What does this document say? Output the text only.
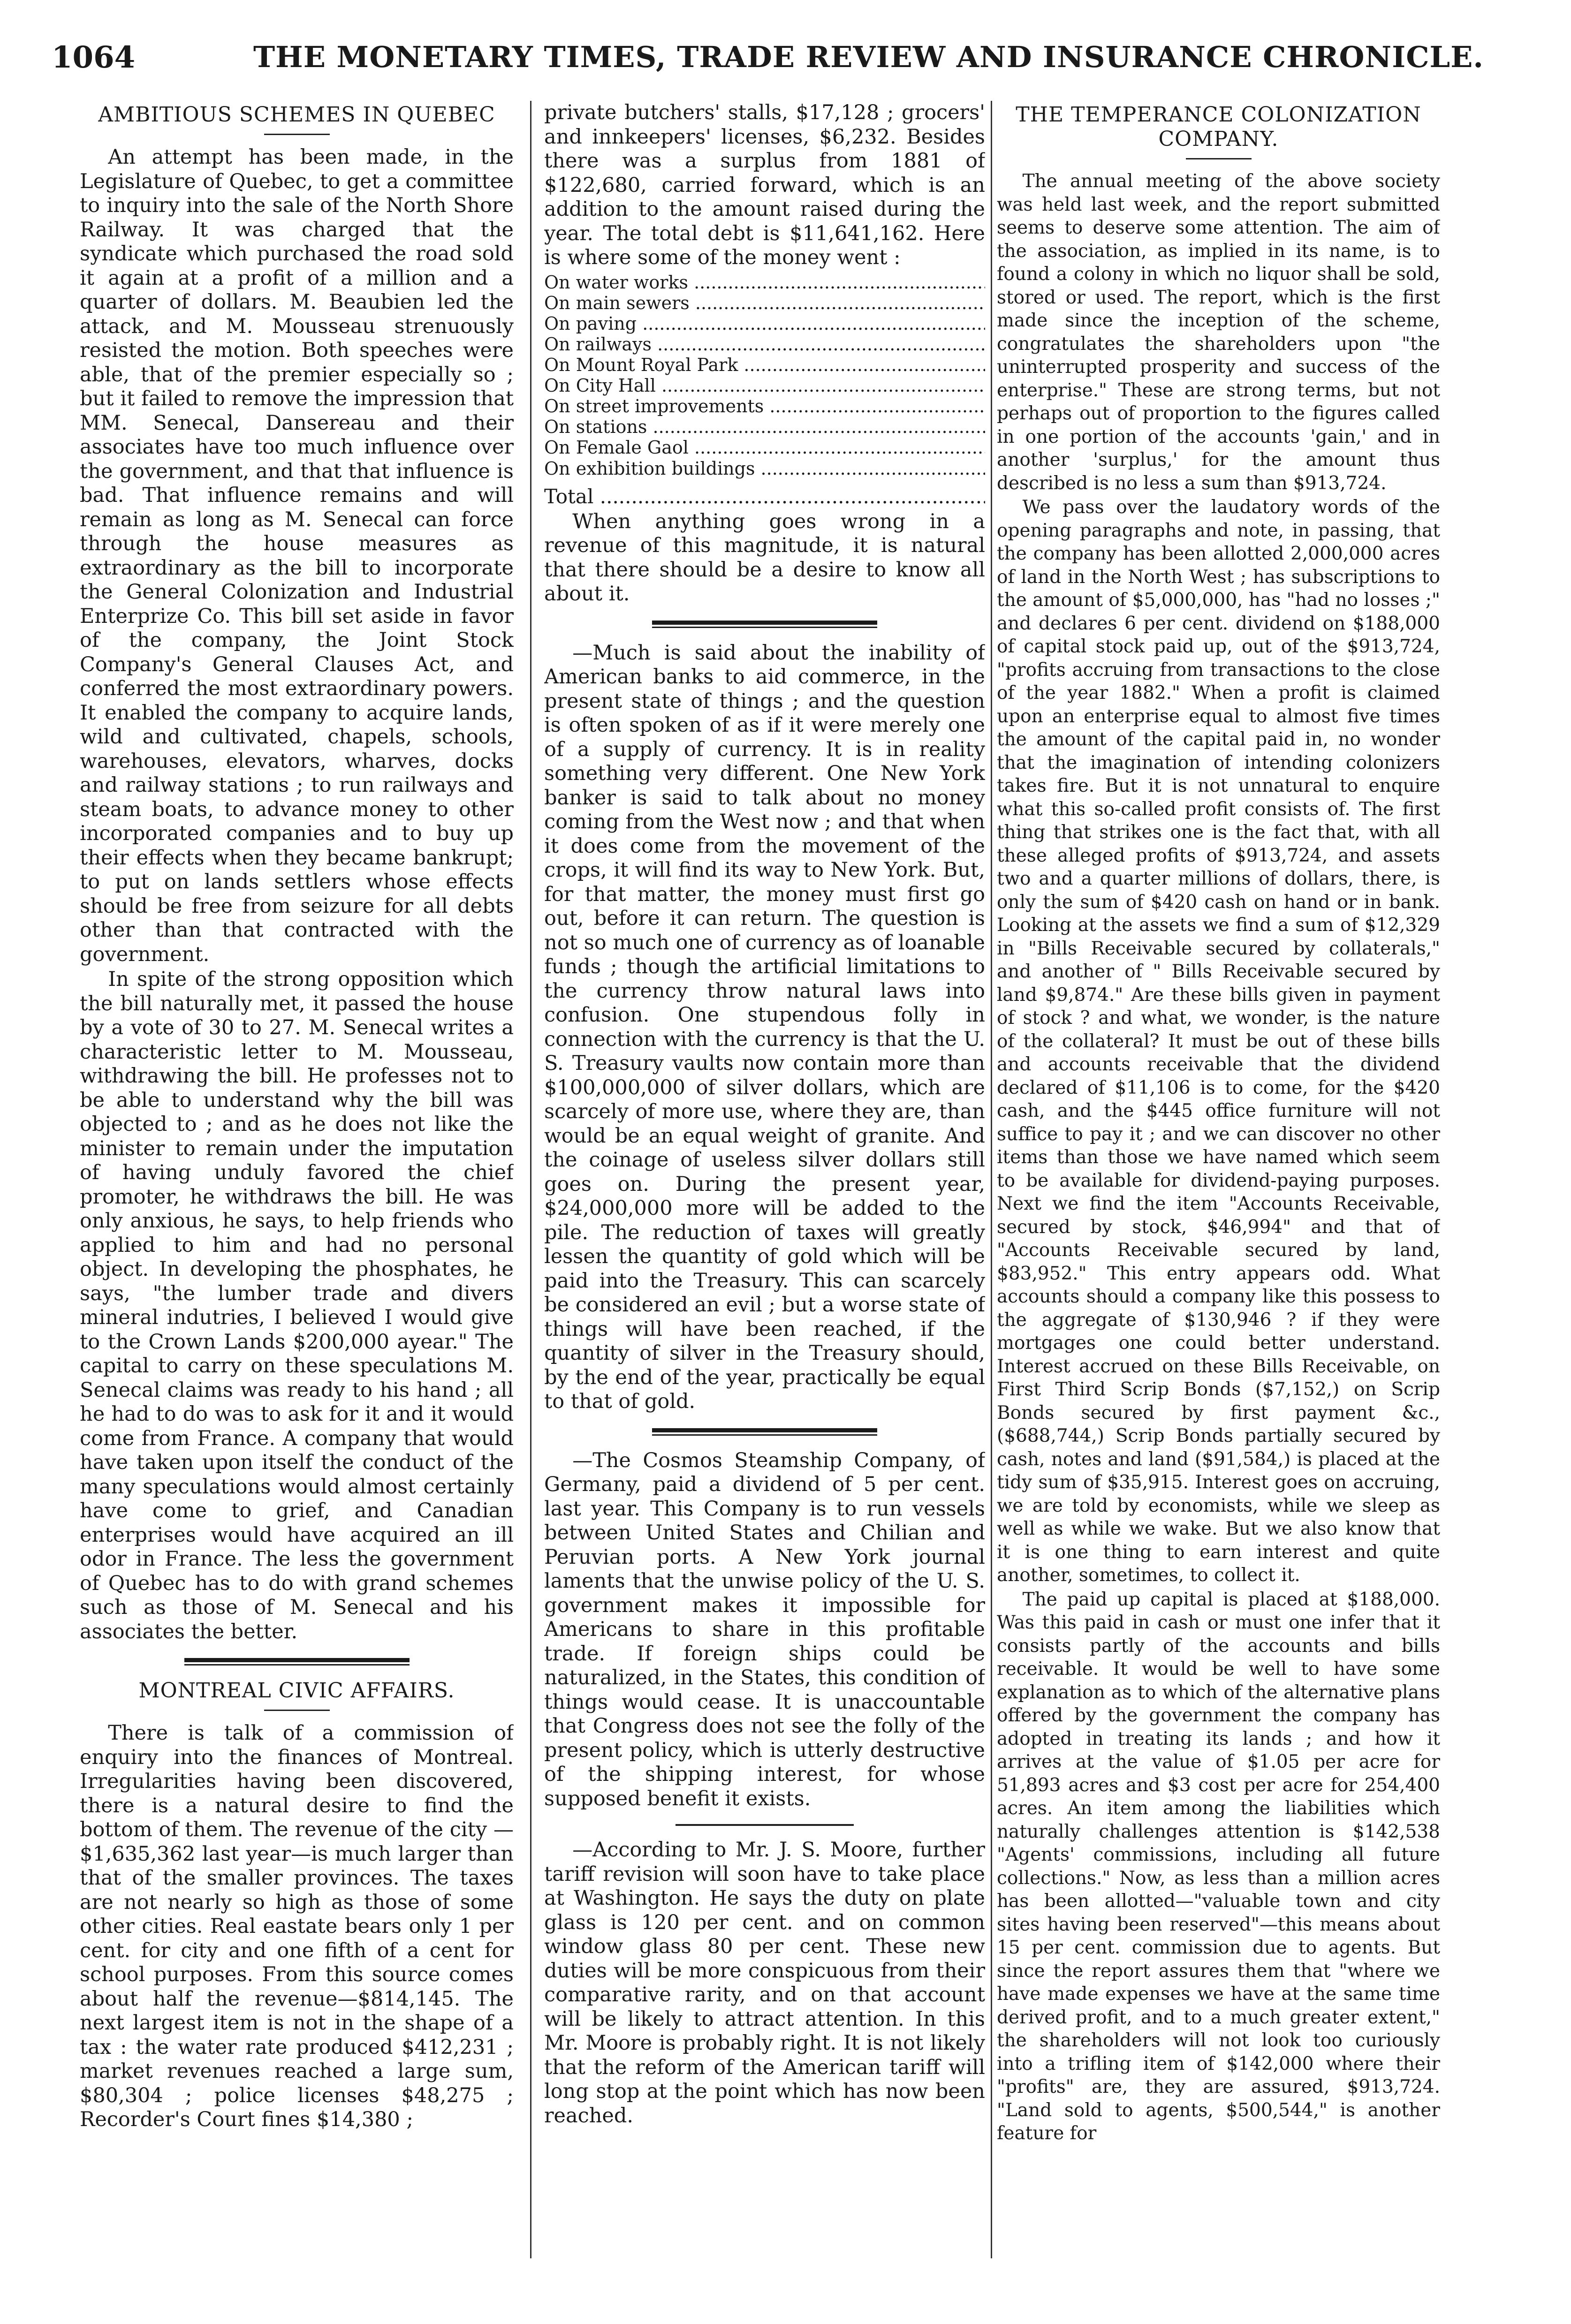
1064	THE MONETARY TIMES, TRADE REVIEW AND INSURANCE CHRONICLE.
AMBITIOUS SCHEMES IN QUEBEC

An attempt has been made, in the Legislature of Quebec, to get a committee to inquiry into the sale of the North Shore Railway. It was charged that the syndicate which purchased the road sold it again at a profit of a million and a quarter of dollars. M. Beaubien led the attack, and M. Mousseau strenuously resisted the motion. Both speeches were able, that of the premier especially so ; but it failed to remove the impression that MM. Senecal, Dansereau and their associates have too much influence over the government, and that that influence is bad. That influence remains and will remain as long as M. Senecal can force through the house measures as extraordinary as the bill to incorporate the General Colonization and Industrial Enterprize Co. This bill set aside in favor of the company, the Joint Stock Company's General Clauses Act, and conferred the most extraordinary powers. It enabled the company to acquire lands, wild and cultivated, chapels, schools, warehouses, elevators, wharves, docks and railway stations ; to run railways and steam boats, to advance money to other incorporated companies and to buy up their effects when they became bankrupt; to put on lands settlers whose effects should be free from seizure for all debts other than that contracted with the government.

In spite of the strong opposition which the bill naturally met, it passed the house by a vote of 30 to 27. M. Senecal writes a characteristic letter to M. Mousseau, withdrawing the bill. He professes not to be able to understand why the bill was objected to ; and as he does not like the minister to remain under the imputation of having unduly favored the chief promoter, he withdraws the bill. He was only anxious, he says, to help friends who applied to him and had no personal object. In developing the phosphates, he says, "the lumber trade and divers mineral indutries, I believed I would give to the Crown Lands $200,000 ayear." The capital to carry on these speculations M. Senecal claims was ready to his hand ; all he had to do was to ask for it and it would come from France. A company that would have taken upon itself the conduct of the many speculations would almost certainly have come to grief, and Canadian enterprises would have acquired an ill odor in France. The less the government of Quebec has to do with grand schemes such as those of M. Senecal and his associates the better.

MONTREAL CIVIC AFFAIRS.

There is talk of a commission of enquiry into the finances of Montreal. Irregularities having been discovered, there is a natural desire to find the bottom of them. The revenue of the city —$1,635,362 last year—is much larger than that of the smaller provinces. The taxes are not nearly so high as those of some other cities. Real eastate bears only 1 per cent. for city and one fifth of a cent for school purposes. From this source comes about half the revenue—$814,145. The next largest item is not in the shape of a tax : the water rate produced $412,231 ; market revenues reached a large sum, $80,304 ; police licenses $48,275 ; Recorder's Court fines $14,380 ;

private butchers' stalls, $17,128 ; grocers' and innkeepers' licenses, $6,232. Besides there was a surplus from 1881 of $122,680, carried forward, which is an addition to the amount raised during the year. The total debt is $11,641,162. Here is where some of the money went :

On water works .....	
On main sewers .....	
On paving .....	
On railways .....	
On Mount Royal Park .....	
On City Hall .....	
On street improvements .....	
On stations .....	
On Female Gaol .....	
On exhibition buildings .....	
Total .....	

When anything goes wrong in a revenue of this magnitude, it is natural that there should be a desire to know all about it.

—Much is said about the inability of American banks to aid commerce, in the present state of things ; and the question is often spoken of as if it were merely one of a supply of currency. It is in reality something very different. One New York banker is said to talk about no money coming from the West now ; and that when it does come from the movement of the crops, it will find its way to New York. But, for that matter, the money must first go out, before it can return. The question is not so much one of currency as of loanable funds ; though the artificial limitations to the currency throw natural laws into confusion. One stupendous folly in connection with the currency is that the U. S. Treasury vaults now contain more than $100,000,000 of silver dollars, which are scarcely of more use, where they are, than would be an equal weight of granite. And the coinage of useless silver dollars still goes on. During the present year, $24,000,000 more will be added to the pile. The reduction of taxes will greatly lessen the quantity of gold which will be paid into the Treasury. This can scarcely be considered an evil ; but a worse state of things will have been reached, if the quantity of silver in the Treasury should, by the end of the year, practically be equal to that of gold.

—The Cosmos Steamship Company, of Germany, paid a dividend of 5 per cent. last year. This Company is to run vessels between United States and Chilian and Peruvian ports. A New York journal laments that the unwise policy of the U. S. government makes it impossible for Americans to share in this profitable trade. If foreign ships could be naturalized, in the States, this condition of things would cease. It is unaccountable that Congress does not see the folly of the present policy, which is utterly destructive of the shipping interest, for whose supposed benefit it exists.

—According to Mr. J. S. Moore, further tariff revision will soon have to take place at Washington. He says the duty on plate glass is 120 per cent. and on common window glass 80 per cent. These new duties will be more conspicuous from their comparative rarity, and on that account will be likely to attract attention. In this Mr. Moore is probably right. It is not likely that the reform of the American tariff will long stop at the point which has now been reached.

THE TEMPERANCE COLONIZATION COMPANY.

The annual meeting of the above society was held last week, and the report submitted seems to deserve some attention. The aim of the association, as implied in its name, is to found a colony in which no liquor shall be sold, stored or used. The report, which is the first made since the inception of the scheme, congratulates the shareholders upon "the uninterrupted prosperity and success of the enterprise." These are strong terms, but not perhaps out of proportion to the figures called in one portion of the accounts 'gain,' and in another 'surplus,' for the amount thus described is no less a sum than $913,724.

We pass over the laudatory words of the opening paragraphs and note, in passing, that the company has been allotted 2,000,000 acres of land in the North West ; has subscriptions to the amount of $5,000,000, has "had no losses ;" and declares 6 per cent. dividend on $188,000 of capital stock paid up, out of the $913,724, "profits accruing from transactions to the close of the year 1882." When a profit is claimed upon an enterprise equal to almost five times the amount of the capital paid in, no wonder that the imagination of intending colonizers takes fire. But it is not unnatural to enquire what this so-called profit consists of. The first thing that strikes one is the fact that, with all these alleged profits of $913,724, and assets two and a quarter millions of dollars, there, is only the sum of $420 cash on hand or in bank. Looking at the assets we find a sum of $12,329 in "Bills Receivable secured by collaterals," and another of " Bills Receivable secured by land $9,874." Are these bills given in payment of stock ? and what, we wonder, is the nature of the collateral? It must be out of these bills and accounts receivable that the dividend declared of $11,106 is to come, for the $420 cash, and the $445 office furniture will not suffice to pay it ; and we can discover no other items than those we have named which seem to be available for dividend-paying purposes. Next we find the item "Accounts Receivable, secured by stock, $46,994" and that of "Accounts Receivable secured by land, $83,952." This entry appears odd. What accounts should a company like this possess to the aggregate of $130,946 ? if they were mortgages one could better understand. Interest accrued on these Bills Receivable, on First Third Scrip Bonds ($7,152,) on Scrip Bonds secured by first payment &c., ($688,744,) Scrip Bonds partially secured by cash, notes and land ($91,584,) is placed at the tidy sum of $35,915. Interest goes on accruing, we are told by economists, while we sleep as well as while we wake. But we also know that it is one thing to earn interest and quite another, sometimes, to collect it.

The paid up capital is placed at $188,000. Was this paid in cash or must one infer that it consists partly of the accounts and bills receivable. It would be well to have some explanation as to which of the alternative plans offered by the government the company has adopted in treating its lands ; and how it arrives at the value of $1.05 per acre for 51,893 acres and $3 cost per acre for 254,400 acres. An item among the liabilities which naturally challenges attention is $142,538 "Agents' commissions, including all future collections." Now, as less than a million acres has been allotted—"valuable town and city sites having been reserved"—this means about 15 per cent. commission due to agents. But since the report assures them that "where we have made expenses we have at the same time derived profit, and to a much greater extent," the shareholders will not look too curiously into a trifling item of $142,000 where their "profits" are, they are assured, $913,724. "Land sold to agents, $500,544," is another feature for
